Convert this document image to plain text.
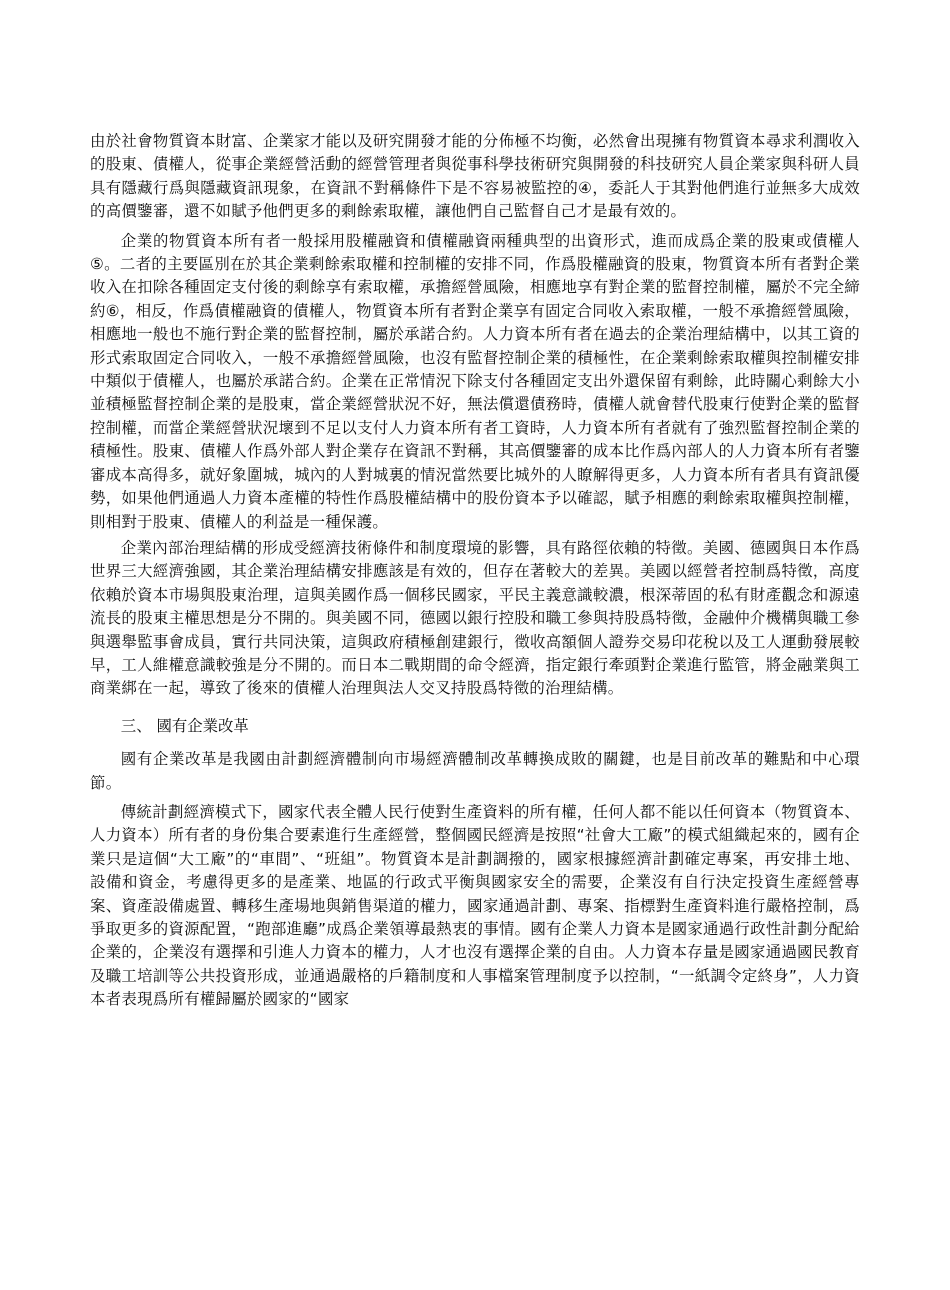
由於社會物質資本財富、企業家才能以及研究開發才能的分佈極不均衡，必然會出現擁有物質資本尋求利潤收入的股東、債權人，從事企業經營活動的經營管理者與從事科學技術研究與開發的科技研究人員企業家與科研人員具有隱藏行爲與隱藏資訊現象，在資訊不對稱條件下是不容易被監控的④，委託人于其對他們進行並無多大成效的高價鑒審，還不如賦予他們更多的剩餘索取權，讓他們自己監督自己才是最有效的。

企業的物質資本所有者一般採用股權融資和債權融資兩種典型的出資形式，進而成爲企業的股東或債權人⑤。二者的主要區別在於其企業剩餘索取權和控制權的安排不同，作爲股權融資的股東，物質資本所有者對企業收入在扣除各種固定支付後的剩餘享有索取權，承擔經營風險，相應地享有對企業的監督控制權，屬於不完全締約⑥，相反，作爲債權融資的債權人，物質資本所有者對企業享有固定合同收入索取權，一般不承擔經營風險，相應地一般也不施行對企業的監督控制，屬於承諾合約。人力資本所有者在過去的企業治理結構中，以其工資的形式索取固定合同收入，一般不承擔經營風險，也沒有監督控制企業的積極性，在企業剩餘索取權與控制權安排中類似于債權人，也屬於承諾合約。企業在正常情況下除支付各種固定支出外還保留有剩餘，此時關心剩餘大小並積極監督控制企業的是股東，當企業經營狀況不好，無法償還債務時，債權人就會替代股東行使對企業的監督控制權，而當企業經營狀況壞到不足以支付人力資本所有者工資時，人力資本所有者就有了強烈監督控制企業的積極性。股東、債權人作爲外部人對企業存在資訊不對稱，其高價鑒審的成本比作爲內部人的人力資本所有者鑒審成本高得多，就好象圍城，城內的人對城裏的情況當然要比城外的人瞭解得更多，人力資本所有者具有資訊優勢，如果他們通過人力資本產權的特性作爲股權結構中的股份資本予以確認，賦予相應的剩餘索取權與控制權，則相對于股東、債權人的利益是一種保護。

企業內部治理結構的形成受經濟技術條件和制度環境的影響，具有路徑依賴的特徵。美國、德國與日本作爲世界三大經濟強國，其企業治理結構安排應該是有效的，但存在著較大的差異。美國以經營者控制爲特徵，高度依賴於資本市場與股東治理，這與美國作爲一個移民國家，平民主義意識較濃，根深蒂固的私有財產觀念和源遠流長的股東主權思想是分不開的。與美國不同，德國以銀行控股和職工參與持股爲特徵，金融仲介機構與職工參與選舉監事會成員，實行共同決策，這與政府積極創建銀行，徵收高額個人證券交易印花稅以及工人運動發展較早，工人維權意識較強是分不開的。而日本二戰期間的命令經濟，指定銀行牽頭對企業進行監管，將金融業與工商業綁在一起，導致了後來的債權人治理與法人交叉持股爲特徵的治理結構。

三、 國有企業改革

國有企業改革是我國由計劃經濟體制向市場經濟體制改革轉換成敗的關鍵，也是目前改革的難點和中心環節。

傳統計劃經濟模式下，國家代表全體人民行使對生產資料的所有權，任何人都不能以任何資本（物質資本、人力資本）所有者的身份集合要素進行生產經營，整個國民經濟是按照“社會大工廠”的模式組織起來的，國有企業只是這個“大工廠”的“車間”、“班組”。物質資本是計劃調撥的，國家根據經濟計劃確定專案，再安排土地、設備和資金，考慮得更多的是產業、地區的行政式平衡與國家安全的需要，企業沒有自行決定投資生產經營專案、資產設備處置、轉移生產場地與銷售渠道的權力，國家通過計劃、專案、指標對生產資料進行嚴格控制，爲爭取更多的資源配置，“跑部進廳”成爲企業領導最熱衷的事情。國有企業人力資本是國家通過行政性計劃分配給企業的，企業沒有選擇和引進人力資本的權力，人才也沒有選擇企業的自由。人力資本存量是國家通過國民教育及職工培訓等公共投資形成，並通過嚴格的戶籍制度和人事檔案管理制度予以控制，“一紙調令定終身”，人力資本者表現爲所有權歸屬於國家的“國家
